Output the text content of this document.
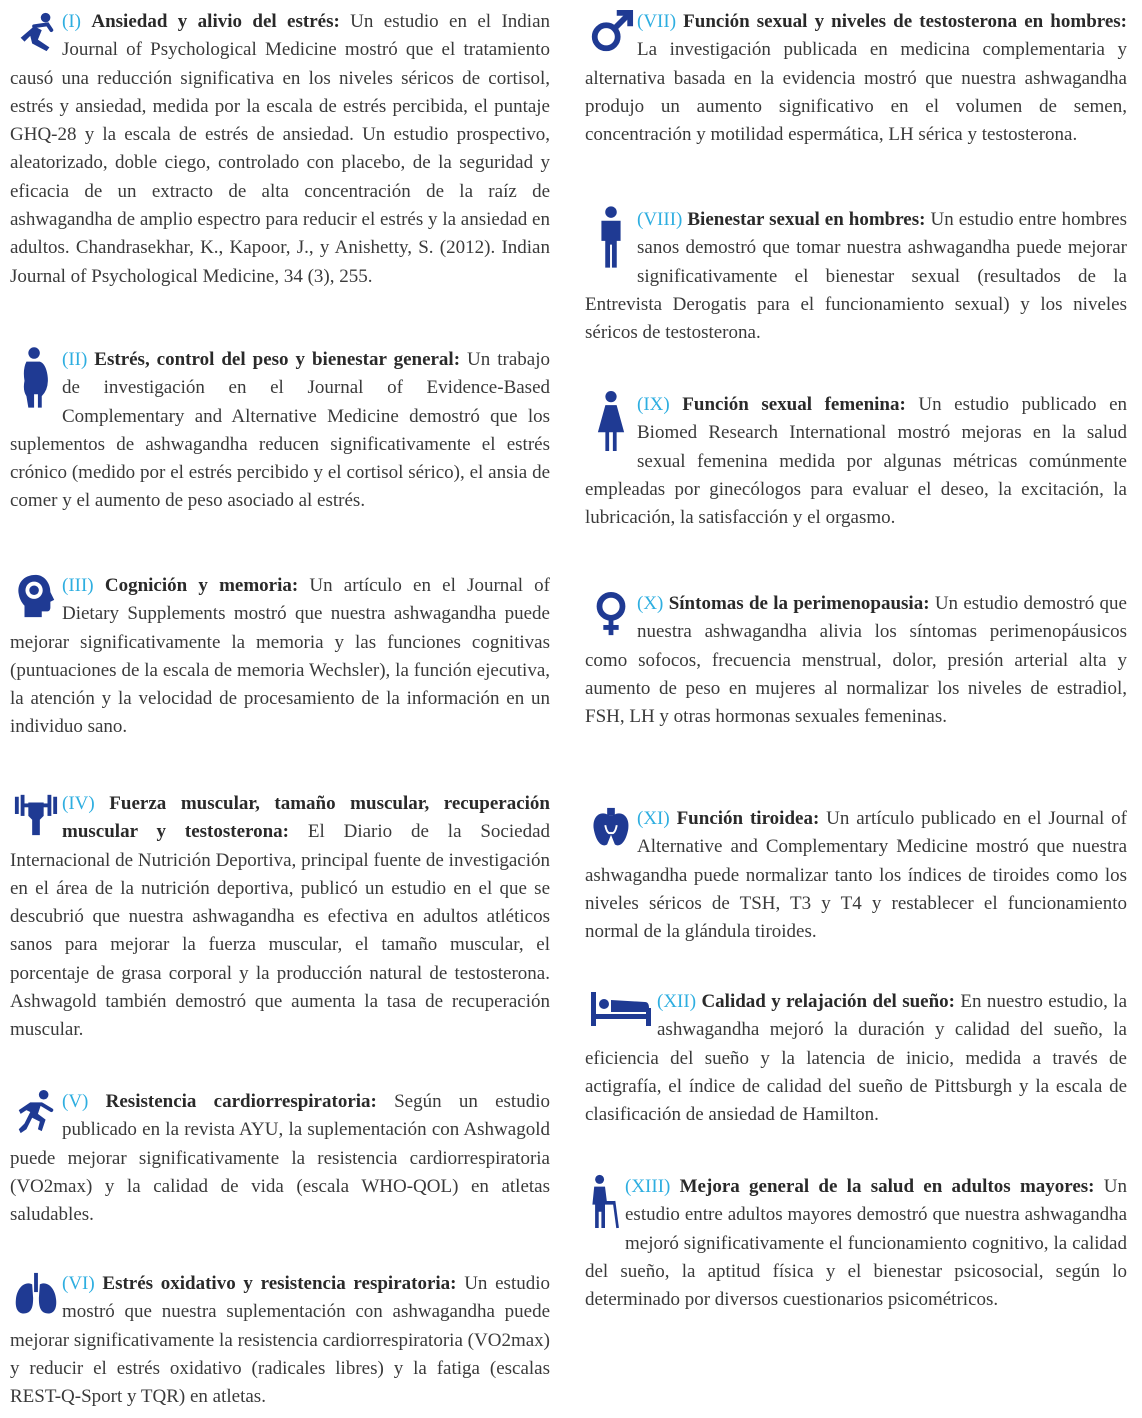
(I) Ansiedad y alivio del estrés: Un estudio en el Indian Journal of Psychological Medicine mostró que el tratamiento causó una reducción significativa en los niveles séricos de cortisol, estrés y ansiedad, medida por la escala de estrés percibida, el puntaje GHQ-28 y la escala de estrés de ansiedad. Un estudio prospectivo, aleatorizado, doble ciego, controlado con placebo, de la seguridad y eficacia de un extracto de alta concentración de la raíz de ashwagandha de amplio espectro para reducir el estrés y la ansiedad en adultos. Chandrasekhar, K., Kapoor, J., y Anishetty, S. (2012). Indian Journal of Psychological Medicine, 34 (3), 255.

(II) Estrés, control del peso y bienestar general: Un trabajo de investigación en el Journal of Evidence-Based Complementary and Alternative Medicine demostró que los suplementos de ashwagandha reducen significativamente el estrés crónico (medido por el estrés percibido y el cortisol sérico), el ansia de comer y el aumento de peso asociado al estrés.

(III) Cognición y memoria: Un artículo en el Journal of Dietary Supplements mostró que nuestra ashwagandha puede mejorar significativamente la memoria y las funciones cognitivas (puntuaciones de la escala de memoria Wechsler), la función ejecutiva, la atención y la velocidad de procesamiento de la información en un individuo sano.

(IV) Fuerza muscular, tamaño muscular, recuperación muscular y testosterona: El Diario de la Sociedad Internacional de Nutrición Deportiva, principal fuente de investigación en el área de la nutrición deportiva, publicó un estudio en el que se descubrió que nuestra ashwagandha es efectiva en adultos atléticos sanos para mejorar la fuerza muscular, el tamaño muscular, el porcentaje de grasa corporal y la producción natural de testosterona. Ashwagold también demostró que aumenta la tasa de recuperación muscular.

(V) Resistencia cardiorrespiratoria: Según un estudio publicado en la revista AYU, la suplementación con Ashwagold puede mejorar significativamente la resistencia cardiorrespiratoria (VO2max) y la calidad de vida (escala WHO-QOL) en atletas saludables.

(VI) Estrés oxidativo y resistencia respiratoria: Un estudio mostró que nuestra suplementación con ashwagandha puede mejorar significativamente la resistencia cardiorrespiratoria (VO2max) y reducir el estrés oxidativo (radicales libres) y la fatiga (escalas REST-Q-Sport y TQR) en atletas.

(VII) Función sexual y niveles de testosterona en hombres: La investigación publicada en medicina complementaria y alternativa basada en la evidencia mostró que nuestra ashwagandha produjo un aumento significativo en el volumen de semen, concentración y motilidad espermática, LH sérica y testosterona.

(VIII) Bienestar sexual en hombres: Un estudio entre hombres sanos demostró que tomar nuestra ashwagandha puede mejorar significativamente el bienestar sexual (resultados de la Entrevista Derogatis para el funcionamiento sexual) y los niveles séricos de testosterona.

(IX) Función sexual femenina: Un estudio publicado en Biomed Research International mostró mejoras en la salud sexual femenina medida por algunas métricas comúnmente empleadas por ginecólogos para evaluar el deseo, la excitación, la lubricación, la satisfacción y el orgasmo.

(X) Síntomas de la perimenopausia: Un estudio demostró que nuestra ashwagandha alivia los síntomas perimenopáusicos como sofocos, frecuencia menstrual, dolor, presión arterial alta y aumento de peso en mujeres al normalizar los niveles de estradiol, FSH, LH y otras hormonas sexuales femeninas.

(XI) Función tiroidea: Un artículo publicado en el Journal of Alternative and Complementary Medicine mostró que nuestra ashwagandha puede normalizar tanto los índices de tiroides como los niveles séricos de TSH, T3 y T4 y restablecer el funcionamiento normal de la glándula tiroides.

(XII) Calidad y relajación del sueño: En nuestro estudio, la ashwagandha mejoró la duración y calidad del sueño, la eficiencia del sueño y la latencia de inicio, medida a través de actigrafía, el índice de calidad del sueño de Pittsburgh y la escala de clasificación de ansiedad de Hamilton.

(XIII) Mejora general de la salud en adultos mayores: Un estudio entre adultos mayores demostró que nuestra ashwagandha mejoró significativamente el funcionamiento cognitivo, la calidad del sueño, la aptitud física y el bienestar psicosocial, según lo determinado por diversos cuestionarios psicométricos.
